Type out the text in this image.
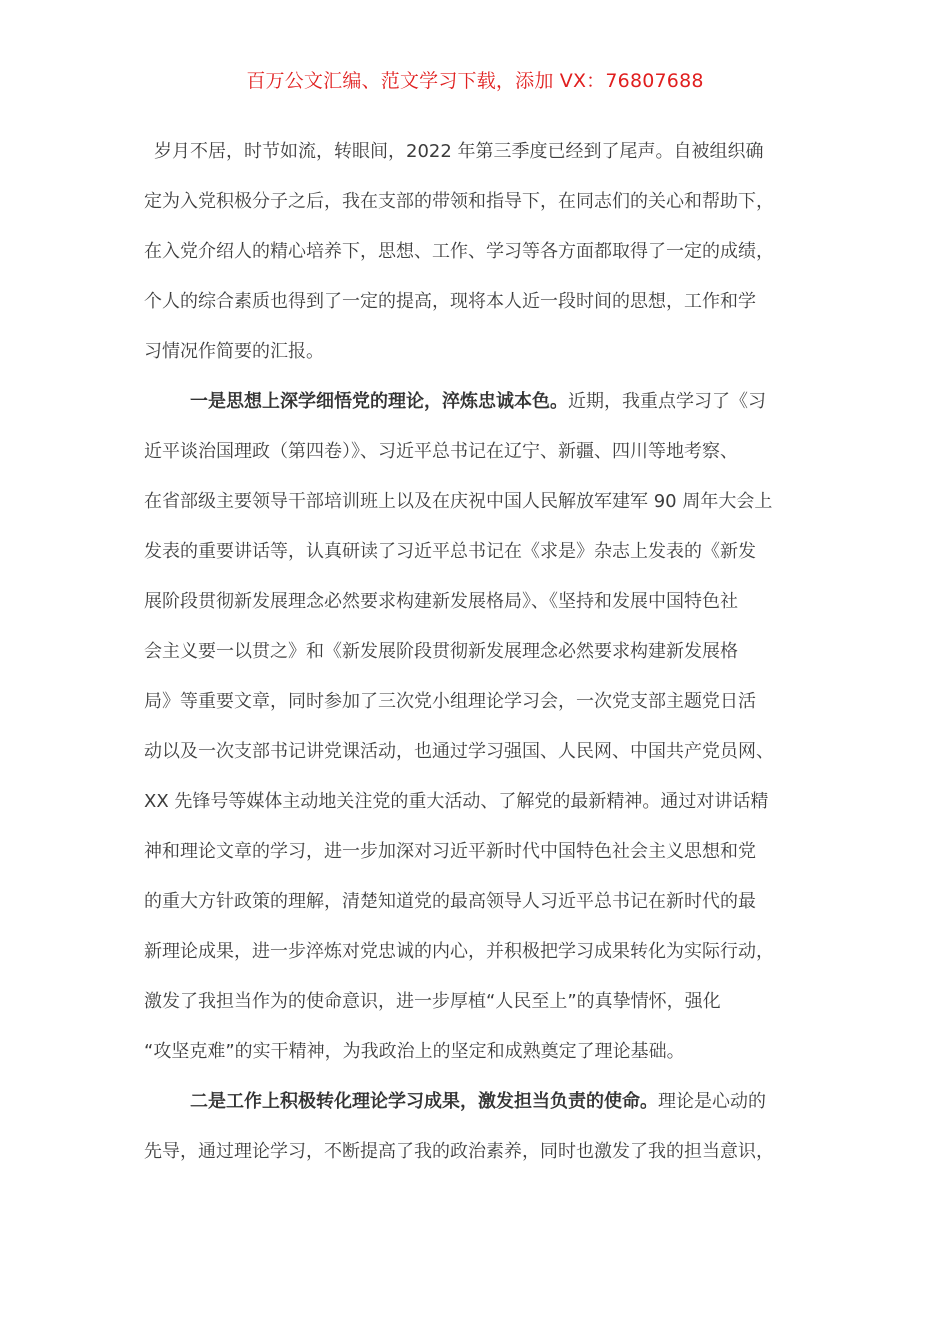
百万公文汇编、范文学习下载，添加 VX：76807688
岁月不居，时节如流，转眼间，2022 年第三季度已经到了尾声。自被组织确
定为入党积极分子之后，我在支部的带领和指导下，在同志们的关心和帮助下，
在入党介绍人的精心培养下，思想、工作、学习等各方面都取得了一定的成绩，
个人的综合素质也得到了一定的提高，现将本人近一段时间的思想，工作和学
习情况作简要的汇报。
一是思想上深学细悟党的理论，淬炼忠诚本色。近期，我重点学习了《习
近平谈治国理政（第四卷）》、习近平总书记在辽宁、新疆、四川等地考察、
在省部级主要领导干部培训班上以及在庆祝中国人民解放军建军 90 周年大会上
发表的重要讲话等，认真研读了习近平总书记在《求是》杂志上发表的《新发
展阶段贯彻新发展理念必然要求构建新发展格局》、《坚持和发展中国特色社
会主义要一以贯之》和《新发展阶段贯彻新发展理念必然要求构建新发展格
局》等重要文章，同时参加了三次党小组理论学习会，一次党支部主题党日活
动以及一次支部书记讲党课活动，也通过学习强国、人民网、中国共产党员网、
XX 先锋号等媒体主动地关注党的重大活动、了解党的最新精神。通过对讲话精
神和理论文章的学习，进一步加深对习近平新时代中国特色社会主义思想和党
的重大方针政策的理解，清楚知道党的最高领导人习近平总书记在新时代的最
新理论成果，进一步淬炼对党忠诚的内心，并积极把学习成果转化为实际行动，
激发了我担当作为的使命意识，进一步厚植“人民至上”的真挚情怀，强化
“攻坚克难”的实干精神，为我政治上的坚定和成熟奠定了理论基础。
二是工作上积极转化理论学习成果，激发担当负责的使命。理论是心动的
先导，通过理论学习，不断提高了我的政治素养，同时也激发了我的担当意识，
